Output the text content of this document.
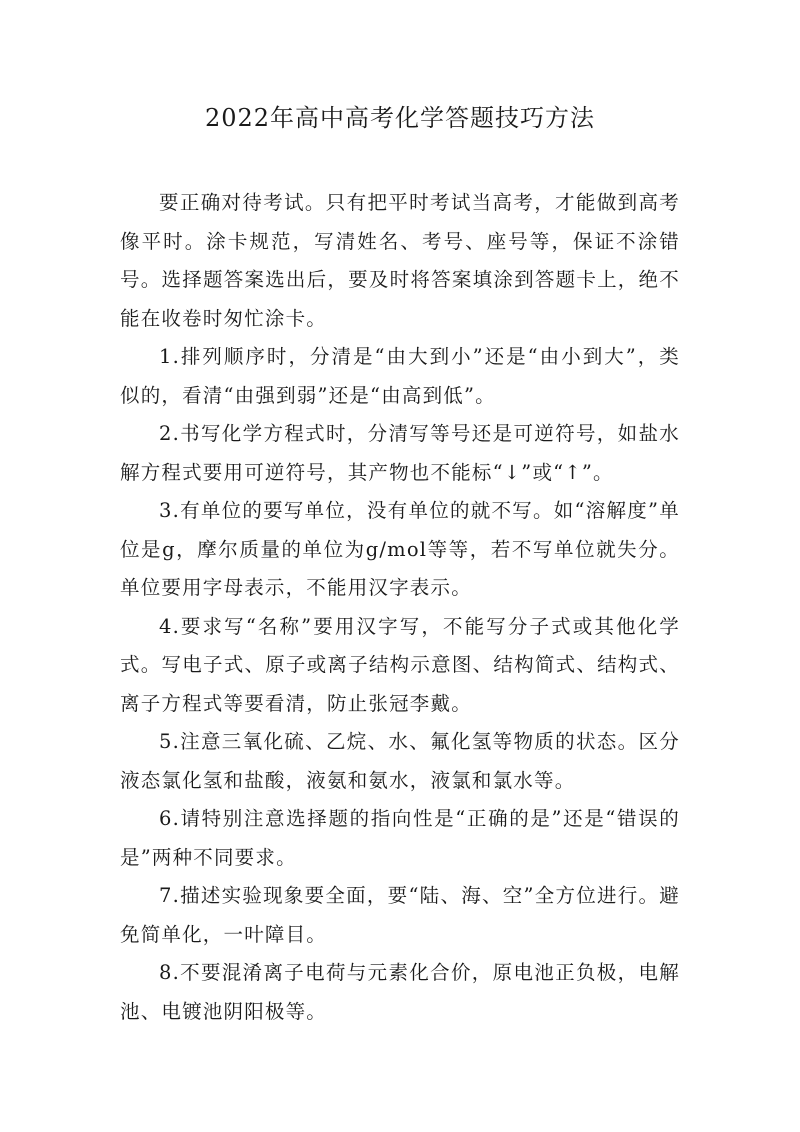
2022年高中高考化学答题技巧方法

要正确对待考试。只有把平时考试当高考，才能做到高考像平时。涂卡规范，写清姓名、考号、座号等，保证不涂错号。选择题答案选出后，要及时将答案填涂到答题卡上，绝不能在收卷时匆忙涂卡。

1.排列顺序时，分清是“由大到小”还是“由小到大”，类似的，看清“由强到弱”还是“由高到低”。

2.书写化学方程式时，分清写等号还是可逆符号，如盐水解方程式要用可逆符号，其产物也不能标“↓”或“↑”。

3.有单位的要写单位，没有单位的就不写。如“溶解度”单位是g，摩尔质量的单位为g/mol等等，若不写单位就失分。单位要用字母表示，不能用汉字表示。

4.要求写“名称”要用汉字写，不能写分子式或其他化学式。写电子式、原子或离子结构示意图、结构简式、结构式、离子方程式等要看清，防止张冠李戴。

5.注意三氧化硫、乙烷、水、氟化氢等物质的状态。区分液态氯化氢和盐酸，液氨和氨水，液氯和氯水等。

6.请特别注意选择题的指向性是“正确的是”还是“错误的是”两种不同要求。

7.描述实验现象要全面，要“陆、海、空”全方位进行。避免简单化，一叶障目。

8.不要混淆离子电荷与元素化合价，原电池正负极，电解池、电镀池阴阳极等。
